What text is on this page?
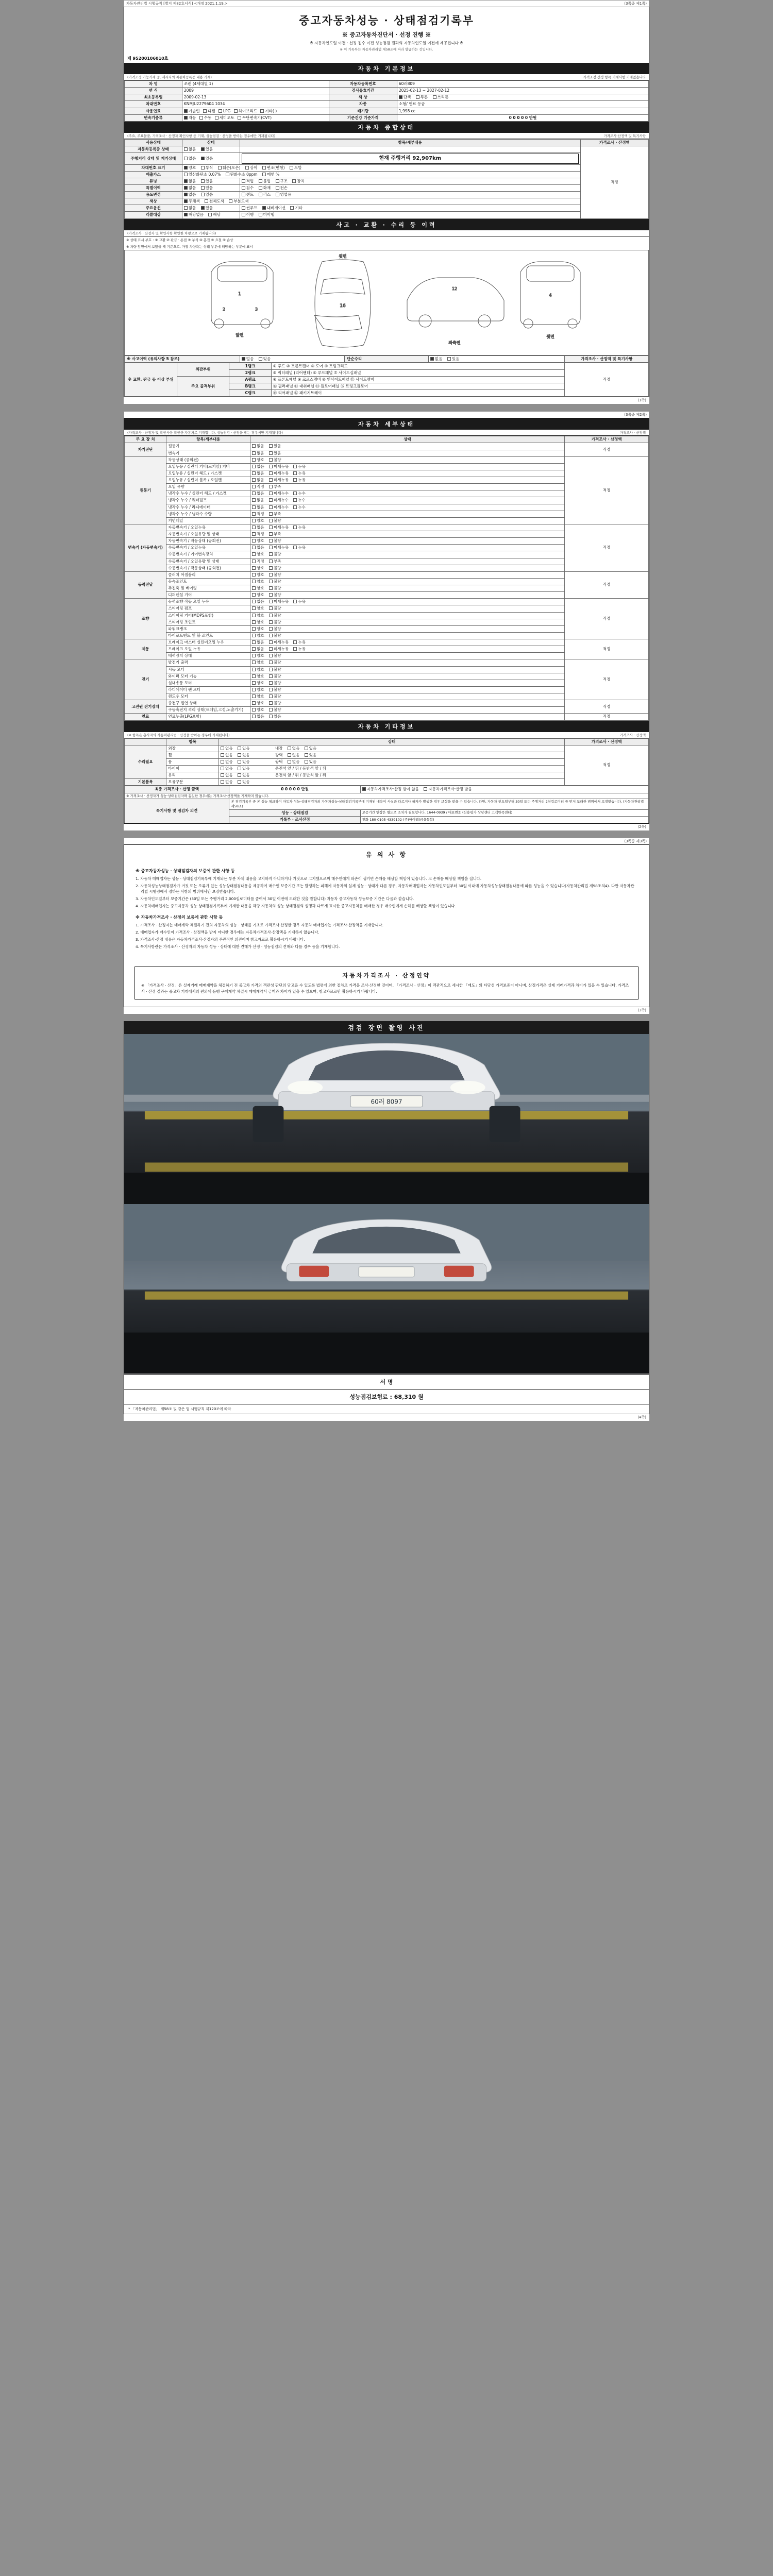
자동차관리법 시행규칙 [별지 제82호서식] <개정 2021.1.19.>	(3쪽중 제1쪽)
중고자동차성능 · 상태점검기록부
※ 중고자동차진단서 · 선정 진행 ※
※ 자동차인도일 이전 · 선정 접수 이전 성능점검 결과의 자동차인도일 이전에 제공됩니다 ※
※ 이 기록부는 자동차관리법 제58조에 따라 발급하는 것입니다.
제 95200106010호
자동차 기본정보
(가격조정 가능기재 중, 제시자의 자동차등록증 내용 기재)	가격조정·선정 항목 기재사항 기재없음니다
차 명	쏘렌 (4세대열 1)	자동차등록번호	60러809
연 식	2009	검사유효기간	2025-02-13 ~ 2027-02-12
최초등록일	2009-02-13	색 상	단색 투톤 쓰리톤
차대번호	KNMJU2279604 1034	차종	소형/ 연료 등급
사용연료	가솔린 디젤 LPG 하이브리드 기타( )	배기량	1,998 cc
변속기종류	자동 수동 세미오토 무단변속기(CVT)	기준건강 기준가격	0 0 0 0 0 만원
자동차 종합상태
(주요, 주요물품, 가격조사 · 산정자 확인사항 등 기재, 성능점검 · 산정을 받아는 경우에만 기재됩니다)	가격조사·산정액 및 특기사항
사용상태	상태	항목/세부내용	가격조사 · 산정액
자동차등록증 상태	없음 있음		적정
주행거리 상태 및 계기상태	없음 있음	현재 주행거리 92,907km	

차대번호 표기	양호 부식 훼손(오손) 상이 변조(변형) 도말		
배출가스	일산화탄소 0.07% 탄화수소 0ppm 매연 %		
튜닝	없음 있음	적법 불법 구조 장치	
특별이력	없음 있음	침수 화재 전손	
용도변경	없음 있음	렌트 리스 영업용	
색상	무채색 전체도색 부분도색		
주요옵션	없음 있음	썬루프 내비게이션 기타	
리콜대상	해당없음 해당	이행 미이행	
사고 · 교환 · 수리 등 이력
(가격조사 · 산정자 및 확인사항 확인한 차량으로 기재됩니다)
※ 상태 표시 부호 : ① 교환 ② 판금 · 용접 ③ 부식 ④ 흠집 ⑤ 요철 ⑥ 손상
※ 차량 앞면에서 보았을 때 기준으로, 가장 차량측는 상태 부분에 해당하는 부분에 표시
1
2	3
앞면
윗면
16
12
좌측면
4
뒷면
※ 사고이력 (유의사항 5 참조)	없음 있음	단순수리	없음 있음	가격조사 · 산정액 및 특기사항
※ 교환, 판금 등 이상 부위	외판부위	1랭크	① 후드 ② 프론트팬더 ③ 도어 ④ 트렁크리드	적정
		2랭크	⑤ 쿼터패널 (리어팬더) ⑥ 루프패널 ⑦ 사이드실패널	
	주요 골격부위	A랭크	⑧ 프론트패널 ⑨ 크로스멤버 ⑩ 인사이드패널 ⑪ 사이드멤버	
		B랭크	⑫ 필러패널 ⑬ 대쉬패널 ⑭ 플로어패널 ⑮ 트렁크플로어	
		C랭크	⑯ 리어패널 ⑰ 패키지트레이	
(1쪽)
(3쪽중 제2쪽)
자동차 세부상태
(가격조사 · 산정자 및 확인사항 확인한 자동차로 기재합니다, 성능점검 · 산정을 받는 경우에만 기재됩니다)	가격조사 · 산정액
주 요 장 치	항목/세부내용	상태	가격조사 · 산정액
자기진단	원동기	없음 있음	적정
	변속기	없음 있음	
원동기	작동상태 (공회전)	양호 불량	적정
	오일누유 / 실린더 커버(로커암) 커버	없음 미세누유 누유	
	오일누유 / 실린더 헤드 / 가스켓	없음 미세누유 누유	
	오일누유 / 실린더 블록 / 오일팬	없음 미세누유 누유	
	오일 유량	적정 부족	
	냉각수 누수 / 실린더 헤드 / 가스켓	없음 미세누수 누수	
	냉각수 누수 / 워터펌프	없음 미세누수 누수	
	냉각수 누수 / 라디에이터	없음 미세누수 누수	
	냉각수 누수 / 냉각수 수량	적정 부족	
	커먼레일	양호 불량	
변속기 (자동변속기)	자동변속기 / 오일누유	없음 미세누유 누유	적정
	자동변속기 / 오일유량 및 상태	적정 부족	
	자동변속기 / 작동상태 (공회전)	양호 불량	
	수동변속기 / 오일누유	없음 미세누유 누유	
	수동변속기 / 기어변속장치	양호 불량	
	수동변속기 / 오일유량 및 상태	적정 부족	
	수동변속기 / 작동상태 (공회전)	양호 불량	
동력전달	클러치 어셈블리	양호 불량	적정
	등속조인트	양호 불량	
	추진축 및 베어링	양호 불량	
	디퍼렌셜 기어	양호 불량	
조향	동력조향 작동 오일 누유	없음 미세누유 누유	적정
	스티어링 펌프	양호 불량	
	스티어링 기어(MDPS포함)	양호 불량	
	스티어링 조인트	양호 불량	
	파워크랭크	양호 불량	
	타이로드엔드 및 볼 조인트	양호 불량	
제동	브레이크 마스터 실린더오일 누유	없음 미세누유 누유	적정
	브레이크 오일 누유	없음 미세누유 누유	
	배력장치 상태	양호 불량	
전기	발전기 출력	양호 불량	적정
	시동 모터	양호 불량	
	와이퍼 모터 기능	양호 불량	
	실내송풍 모터	양호 불량	
	라디에이터 팬 모터	양호 불량	
	윈도우 모터	양호 불량	
고전원 전기장치	충전구 절연 상태	양호 불량	적정
	구동축전지 격리 상태(프레임,고정,노출기기)	양호 불량	
연료	연료누출(LPG포함)	없음 있음	적정
자동차 기타정보
(※ 항목은 총사자의 자동차관리법 · 산정을 받아는 경우에 기재됩니다)	가격조사 · 산정액
	항목	상태	가격조사 · 산정액
수리필요	외장	없음 있음 내장 없음 있음	적정
	휠	없음 있음 광택 없음 있음	
	룸	없음 있음 광택 없음 있음	
	타이어	없음 있음 운전석 앞 / 뒤 / 동반석 앞 / 뒤	
	유리	없음 있음 운전석 앞 / 뒤 / 동반석 앞 / 뒤	
기본품목	보유구분	없음 있음	
최종 가격조사 · 산정 금액	0 0 0 0 0 만원	자동차가격조사·산정 받지 않음 자동차가격조사·산정 받음
※ 가격조사 · 산정자가 성능·상태점검자와 동일한 경우에는 가격조사·산정액을 기재하지 않습니다.		
특기사항 및 점검자 의견	본 점검기록부 중 본 성능 체크하여 자동차 성능·상태점검자의 자동차성능·상태점검기록부에 기재된 내용이 사실과 다르거나 하자가 발생한 경우 보상을 받을 수 있습니다. 다만, 자동차 인도일부터 30일 또는 주행거리 2천킬로미터 중 먼저 도래한 범위에서 보장받습니다. (자동차관리법 제58조)	
	성능 · 상태점검	보증기간 연장은 별도로 조치가 필요합니다. 1644-0939 / 대표번호 (신용평가 상담센터 고객만족센터)
	기록부 · 조사산정	전화 180-0105-4339102-(주)아이엠(금융통합)
(2쪽)
(3쪽중 제3쪽)
유 의 사 항
※ 중고자동차성능 · 상태점검자의 보증에 관한 사항 등

1. 자동차 매매업자는 성능 · 상태점검기록부에 기재되는 부분 자체 내용을 고지하지 아니하거나 거짓으로 고지했으로써 매수인에게 파손이 생기면 손해를 배상할 책임이 있습니다. 고 손해를 배상할 책임을 집니다.

2. 자동차성능상태점검자가 거짓 또는 오류가 있는 성능상태점검내용을 제공하여 매수인 보증기간 또는 발생하는 피해에 자동차의 실제 성능 · 상태가 다른 경우, 자동차매매업자는 자동차인도일부터 30일 이내에 자동차성능상태점검내용에 따른 성능을 수 있습니다(자동차관리법 제58조의4). 다만 자동차관리법 시행령에서 정하는 사항의 범위에서만 보장받습니다.

3. 자동차인도일부터 보증기간은 (30일 또는 주행거리 2,000킬로미터를 줄여서 30일 이전에 도래한 것을 말합니다) 자동차 중고자동차 성능보증 기간은 다음과 같습니다.

4. 자동차매매업자는 중고자동차 성능·상태점검기록부에 기재한 내용을 해당 자동차의 성능·상태점검의 설명과 다르게 표시한 중고자동차를 매매한 경우 매수인에게 손해를 배상할 책임이 있습니다.

※ 자동차가격조사 · 산정의 보증에 관한 사항 등

1. 가격조사 · 산정자는 매매계약 체결하기 전의 자동차의 성능 · 상태를 기초로 가격조사·산정한 경우 자동차 매매업자는 가격조사·산정액을 기재합니다.

2. 매매업자가 매수인이 가격조사 · 산정액을 받지 아니한 경우에는 자동차가격조사·산정액을 기재하지 않습니다.

3. 가격조사·산정 내용은 자동차가격조사·산정자의 주관적인 의견이며 참고자료로 활용하시기 바랍니다.

4. 특기사항란은 가격조사 · 산정자의 자동차 성능 · 상태에 대한 견해가 산정 · 성능점검의 견해와 다를 경우 등을 기재합니다.

자동차가격조사 · 산정연약
※ 「가격조사 · 산정」은 실제거래 매매계약을 체결하기 전 중고차 가격의 객관성 판단의 담고을 수 있도록 법령에 의한 절차로 가격을 조사·산정한 것이며, 「가격조사 · 산정」이 객관적으로 세시한 「매도」의 타당성 가격보증이 아니며, 산정가격은 실제 거래가격과 차이가 있을 수 있습니다. 가격조사 · 산정 결과는 중고차 거래에서의 편의에 동행 구매계약 체결시 매매계약서 금액과 차이가 있을 수 있으며, 참고자료로만 활용하시기 바랍니다.
(3쪽)
검검 장면 촬영 사진
60러 8097
서 명
성능점검보험료 : 68,310 원
* 「자동차관리법」 제58조 및 같은 법 시행규칙 제120조에 따라
(4쪽)
